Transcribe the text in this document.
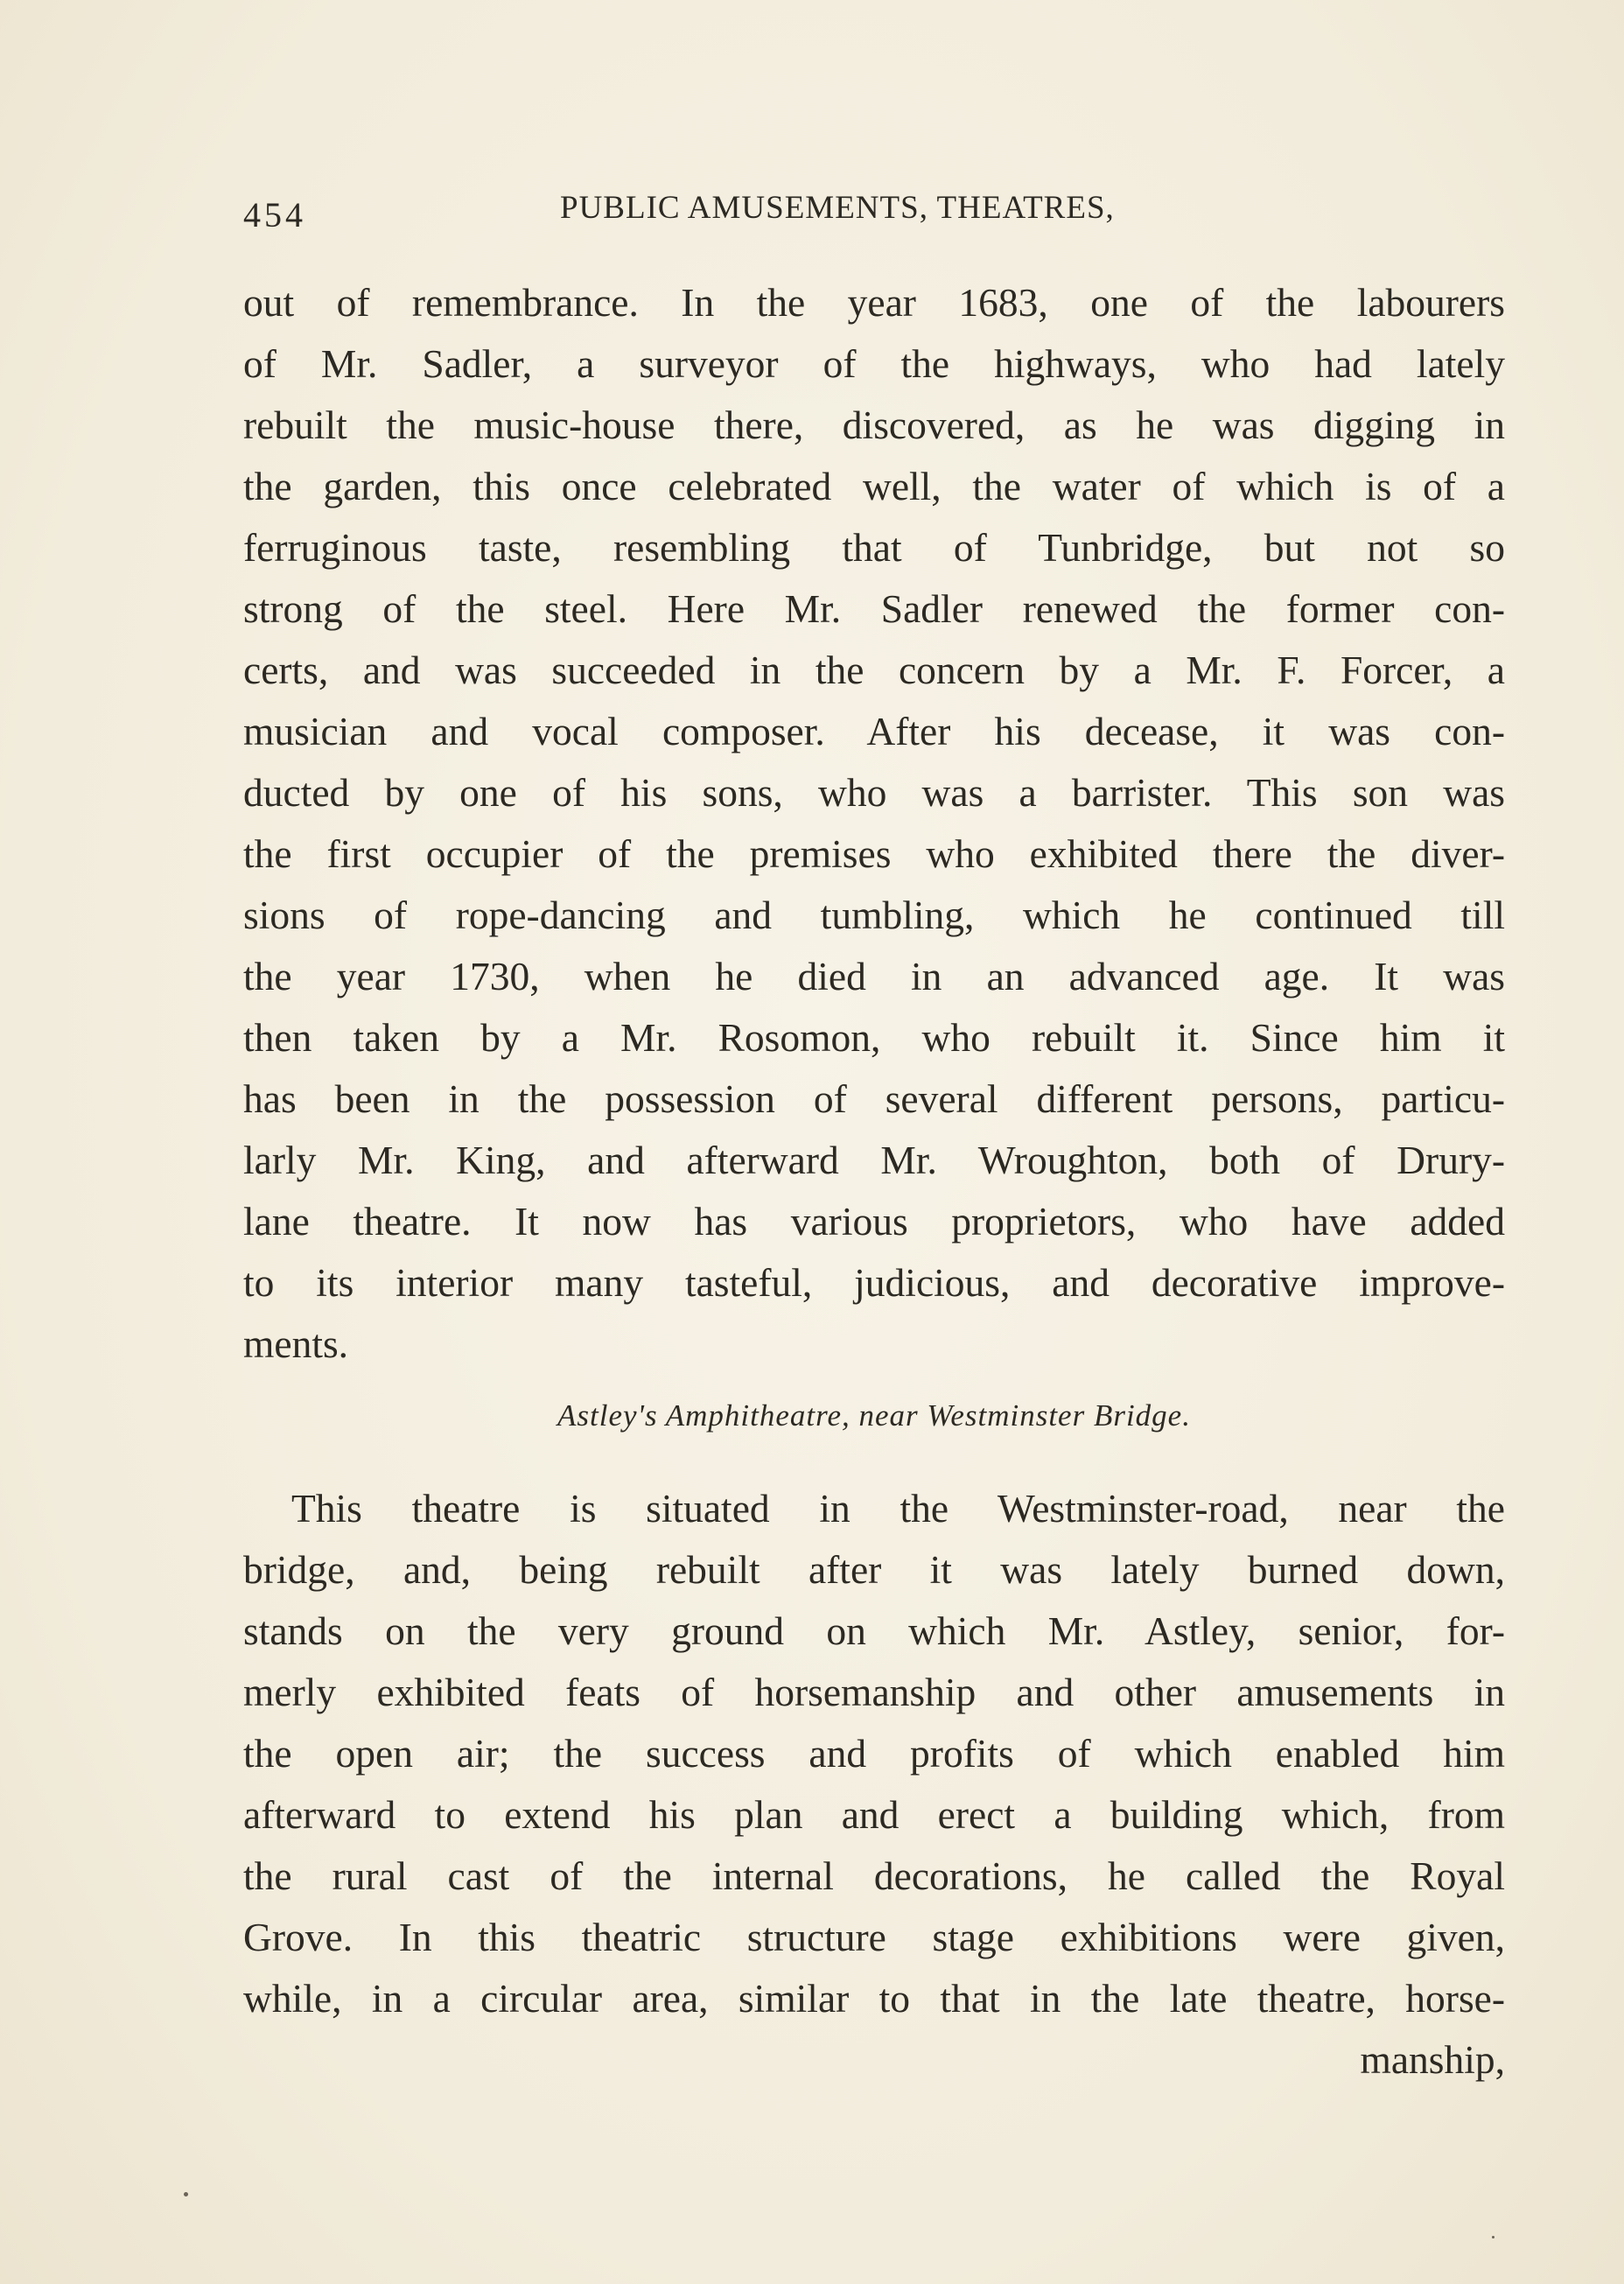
454	PUBLIC AMUSEMENTS, THEATRES,
out of remembrance. In the year 1683, one of the labourers
of Mr. Sadler, a surveyor of the highways, who had lately
rebuilt the music-house there, discovered, as he was digging in
the garden, this once celebrated well, the water of which is of a
ferruginous taste, resembling that of Tunbridge, but not so
strong of the steel. Here Mr. Sadler renewed the former con-
certs, and was succeeded in the concern by a Mr. F. Forcer, a
musician and vocal composer. After his decease, it was con-
ducted by one of his sons, who was a barrister. This son was
the first occupier of the premises who exhibited there the diver-
sions of rope-dancing and tumbling, which he continued till
the year 1730, when he died in an advanced age. It was
then taken by a Mr. Rosomon, who rebuilt it. Since him it
has been in the possession of several different persons, particu-
larly Mr. King, and afterward Mr. Wroughton, both of Drury-
lane theatre. It now has various proprietors, who have added
to its interior many tasteful, judicious, and decorative improve-
ments.
Astley's Amphitheatre, near Westminster Bridge.
This theatre is situated in the Westminster-road, near the
bridge, and, being rebuilt after it was lately burned down,
stands on the very ground on which Mr. Astley, senior, for-
merly exhibited feats of horsemanship and other amusements in
the open air; the success and profits of which enabled him
afterward to extend his plan and erect a building which, from
the rural cast of the internal decorations, he called the Royal
Grove. In this theatric structure stage exhibitions were given,
while, in a circular area, similar to that in the late theatre, horse-
manship,
